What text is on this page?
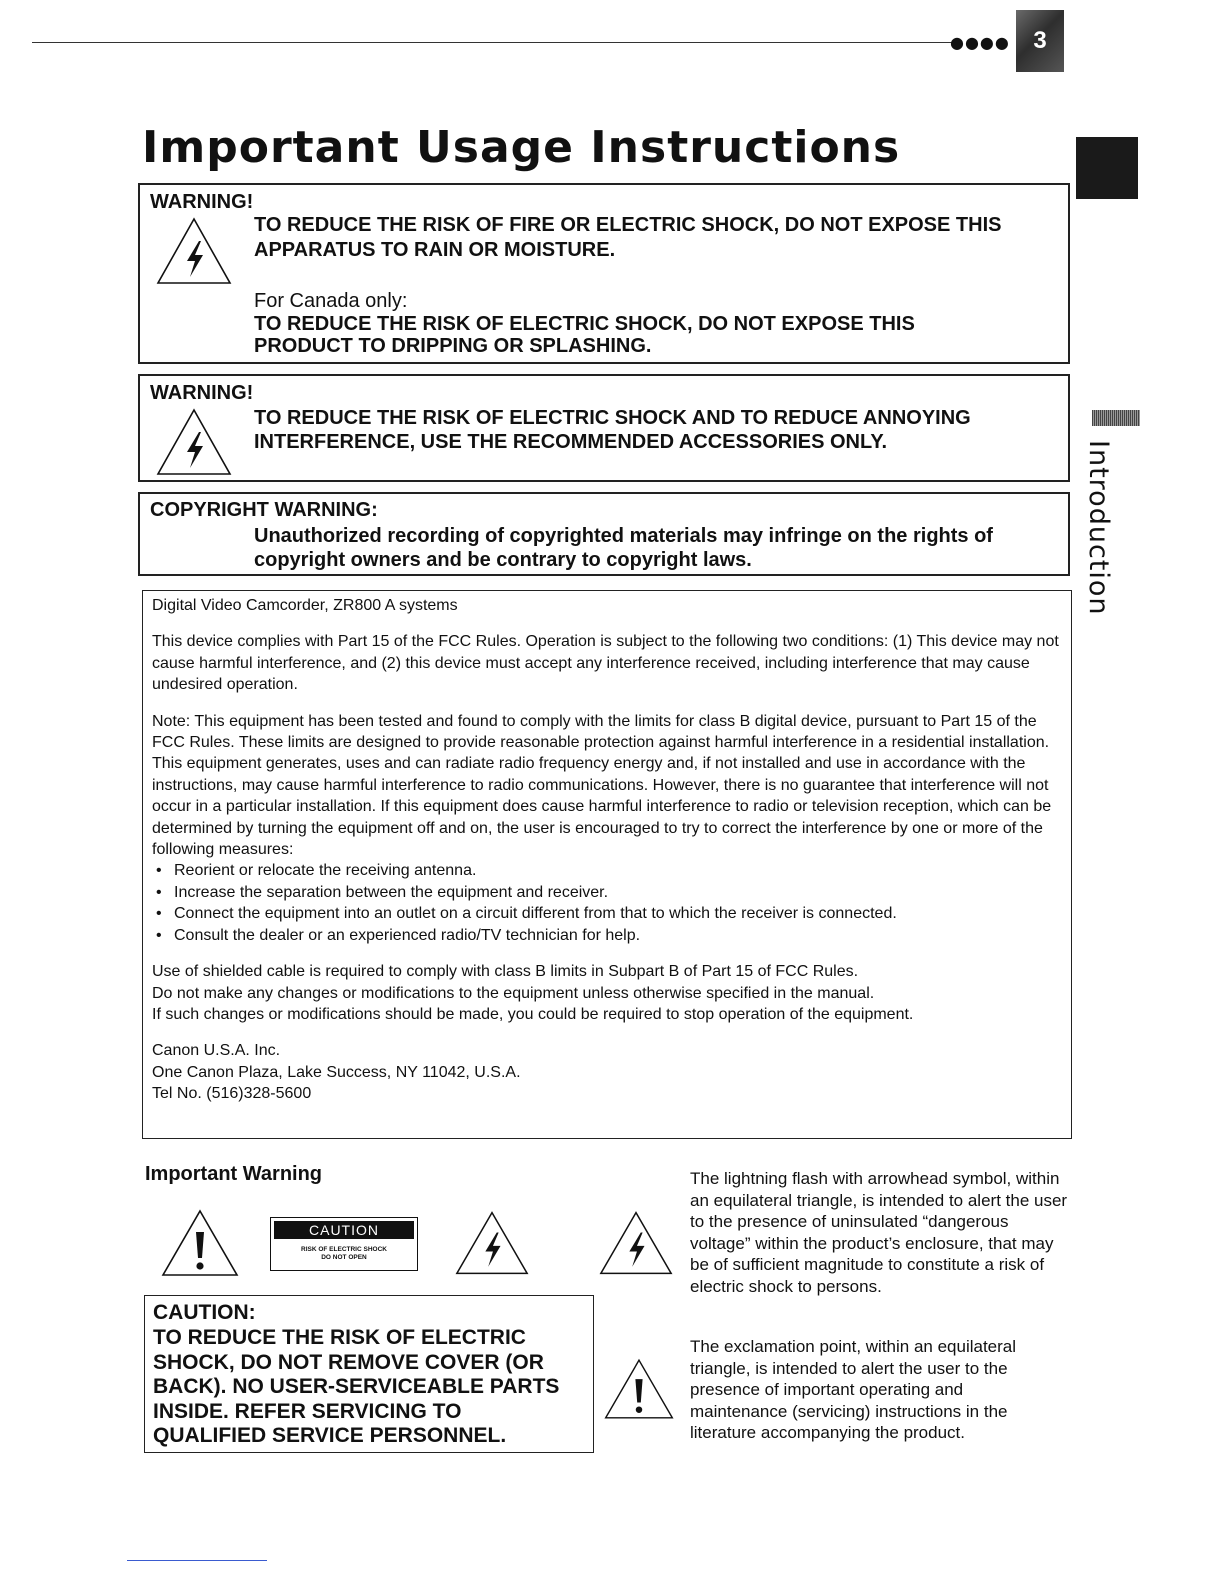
●●●● 3
Important Usage Instructions
Introduction
WARNING!
TO REDUCE THE RISK OF FIRE OR ELECTRIC SHOCK, DO NOT EXPOSE THIS
APPARATUS TO RAIN OR MOISTURE.
For Canada only:
TO REDUCE THE RISK OF ELECTRIC SHOCK, DO NOT EXPOSE THIS
PRODUCT TO DRIPPING OR SPLASHING.
WARNING!
TO REDUCE THE RISK OF ELECTRIC SHOCK AND TO REDUCE ANNOYING
INTERFERENCE, USE THE RECOMMENDED ACCESSORIES ONLY.
COPYRIGHT WARNING:
Unauthorized recording of copyrighted materials may infringe on the rights of
copyright owners and be contrary to copyright laws.

Digital Video Camcorder, ZR800 A systems

This device complies with Part 15 of the FCC Rules. Operation is subject to the following two conditions: (1) This device may not cause harmful interference, and (2) this device must accept any interference received, including interference that may cause undesired operation.

Note: This equipment has been tested and found to comply with the limits for class B digital device, pursuant to Part 15 of the FCC Rules. These limits are designed to provide reasonable protection against harmful interference in a residential installation. This equipment generates, uses and can radiate radio frequency energy and, if not installed and use in accordance with the instructions, may cause harmful interference to radio communications. However, there is no guarantee that interference will not occur in a particular installation. If this equipment does cause harmful interference to radio or television reception, which can be determined by turning the equipment off and on, the user is encouraged to try to correct the interference by one or more of the following measures:

• Reorient or relocate the receiving antenna.
• Increase the separation between the equipment and receiver.
• Connect the equipment into an outlet on a circuit different from that to which the receiver is connected.
• Consult the dealer or an experienced radio/TV technician for help.

Use of shielded cable is required to comply with class B limits in Subpart B of Part 15 of FCC Rules.

Do not make any changes or modifications to the equipment unless otherwise specified in the manual.

If such changes or modifications should be made, you could be required to stop operation of the equipment.

Canon U.S.A. Inc.

One Canon Plaza, Lake Success, NY 11042, U.S.A.

Tel No. (516)328-5600

Important Warning
CAUTION
RISK OF ELECTRIC SHOCK
DO NOT OPEN
The lightning flash with arrowhead symbol, within an equilateral triangle, is intended to alert the user to the presence of uninsulated “dangerous voltage” within the product’s enclosure, that may be of sufficient magnitude to constitute a risk of electric shock to persons.
CAUTION:
TO REDUCE THE RISK OF ELECTRIC
SHOCK, DO NOT REMOVE COVER (OR
BACK). NO USER-SERVICEABLE PARTS
INSIDE. REFER SERVICING TO
QUALIFIED SERVICE PERSONNEL.
The exclamation point, within an equilateral triangle, is intended to alert the user to the presence of important operating and maintenance (servicing) instructions in the literature accompanying the product.
